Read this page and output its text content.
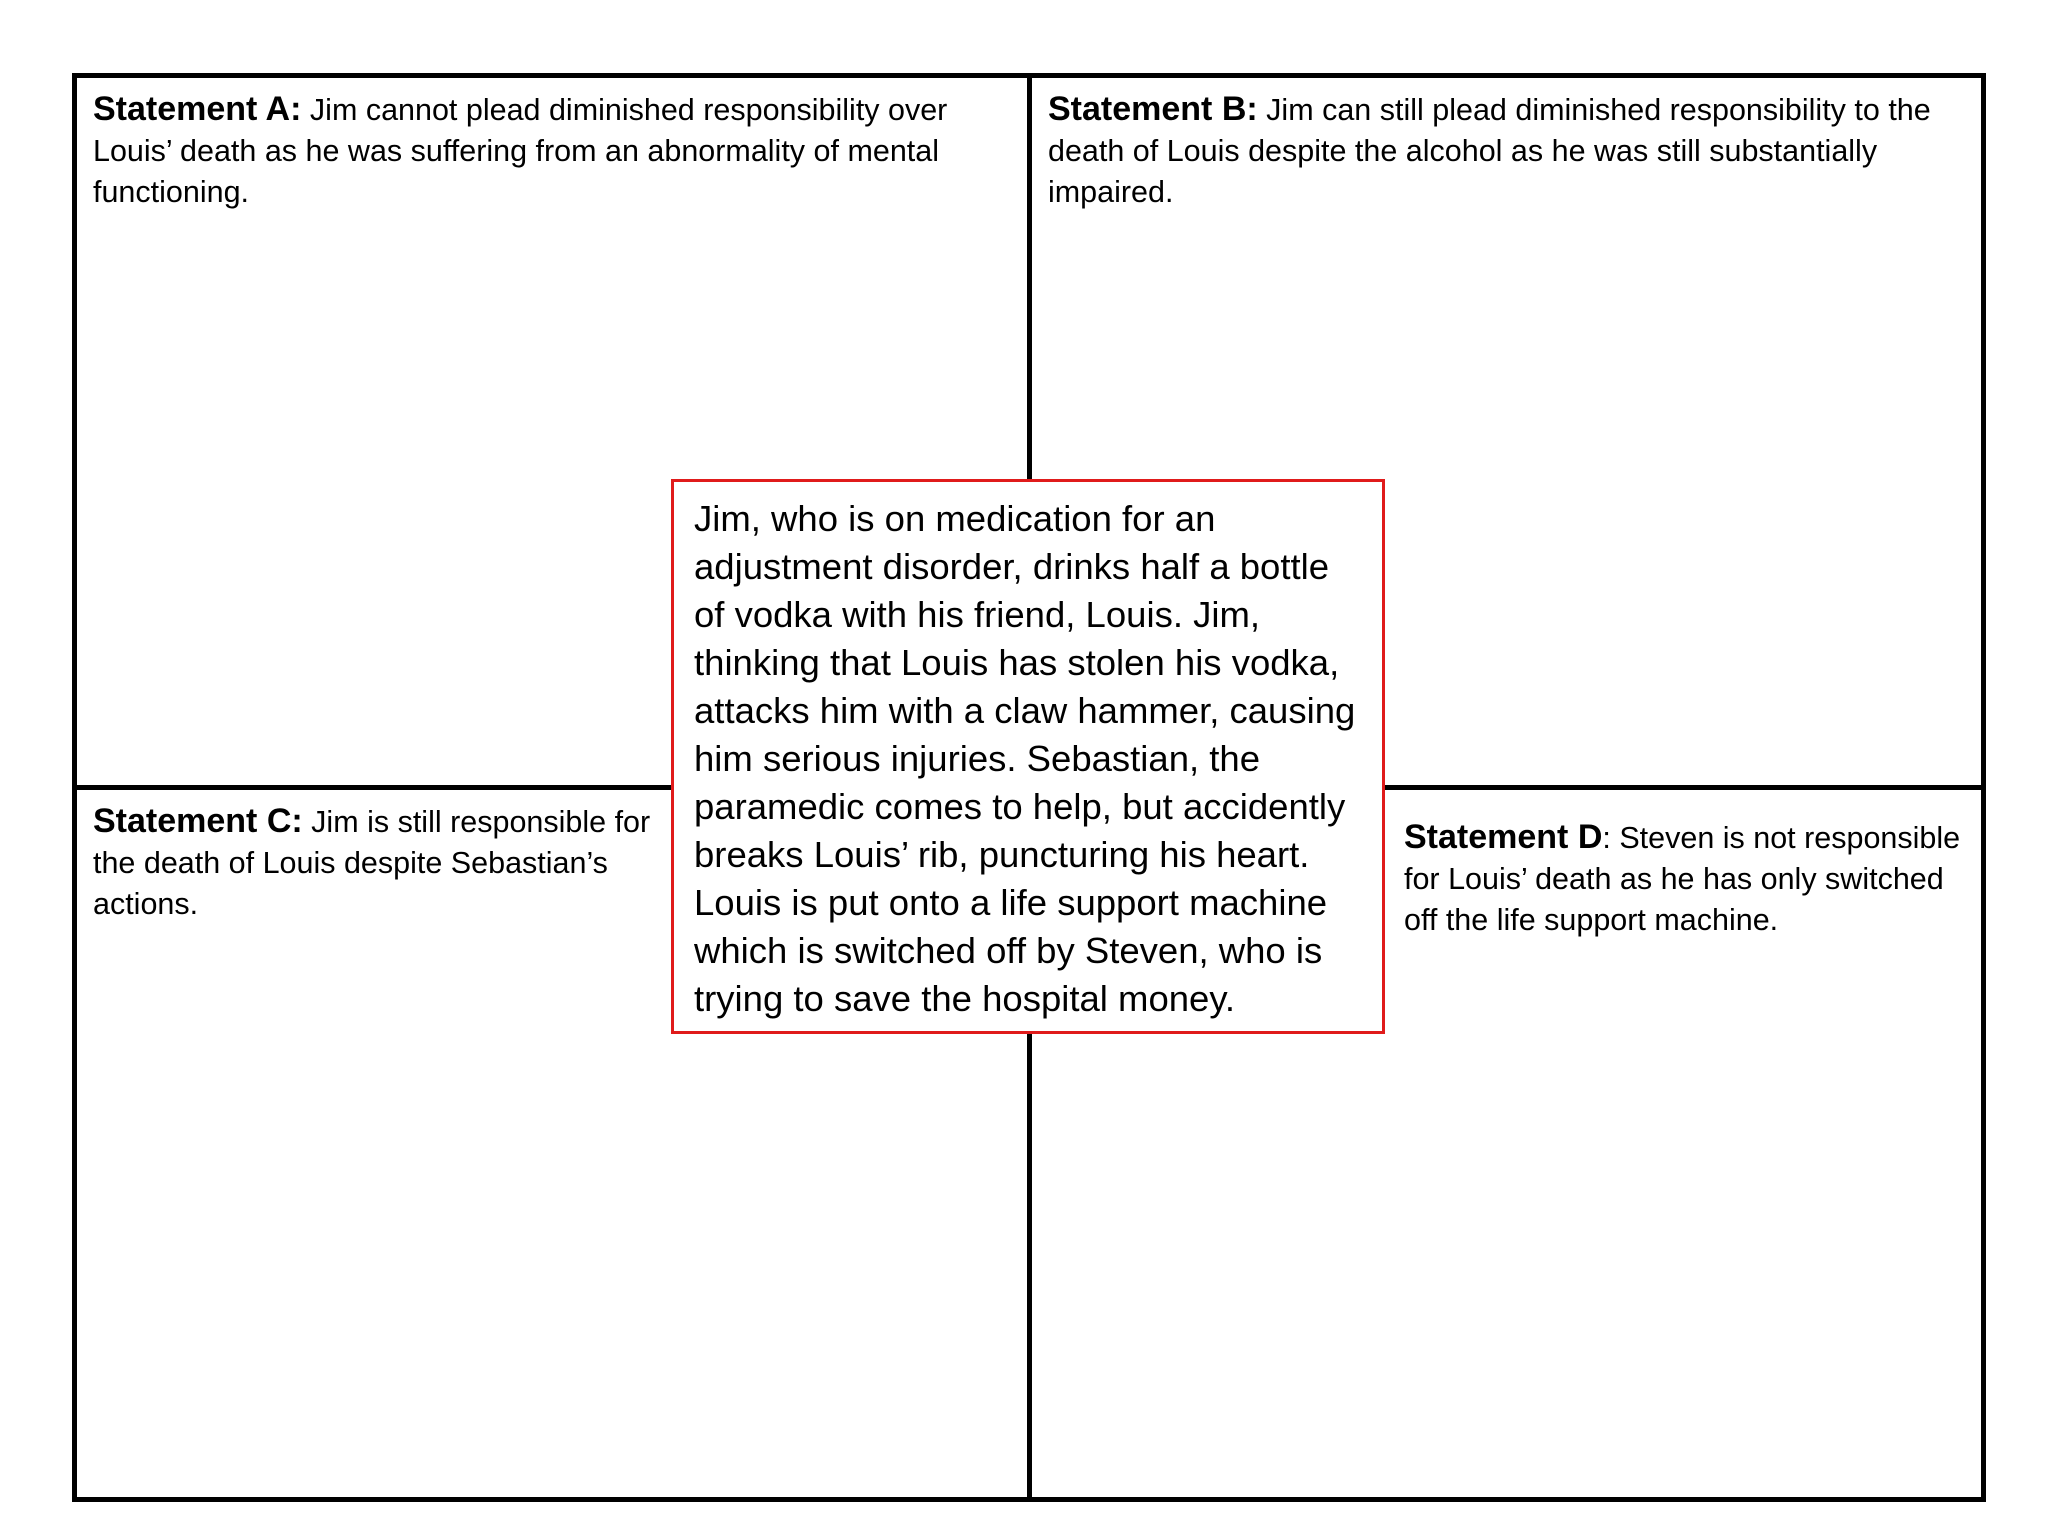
Statement A: Jim cannot plead diminished responsibility over Louis’ death as he was suffering from an abnormality of mental functioning.
Statement B: Jim can still plead diminished responsibility to the death of Louis despite the alcohol as he was still substantially impaired.
Statement C: Jim is still responsible for the death of Louis despite Sebastian’s actions.
Statement D: Steven is not responsible for Louis’ death as he has only switched off the life support machine.
Jim, who is on medication for an adjustment disorder, drinks half a bottle of vodka with his friend, Louis. Jim, thinking that Louis has stolen his vodka, attacks him with a claw hammer, causing him serious injuries. Sebastian, the paramedic comes to help, but accidently breaks Louis’ rib, puncturing his heart. Louis is put onto a life support machine which is switched off by Steven, who is trying to save the hospital money.
